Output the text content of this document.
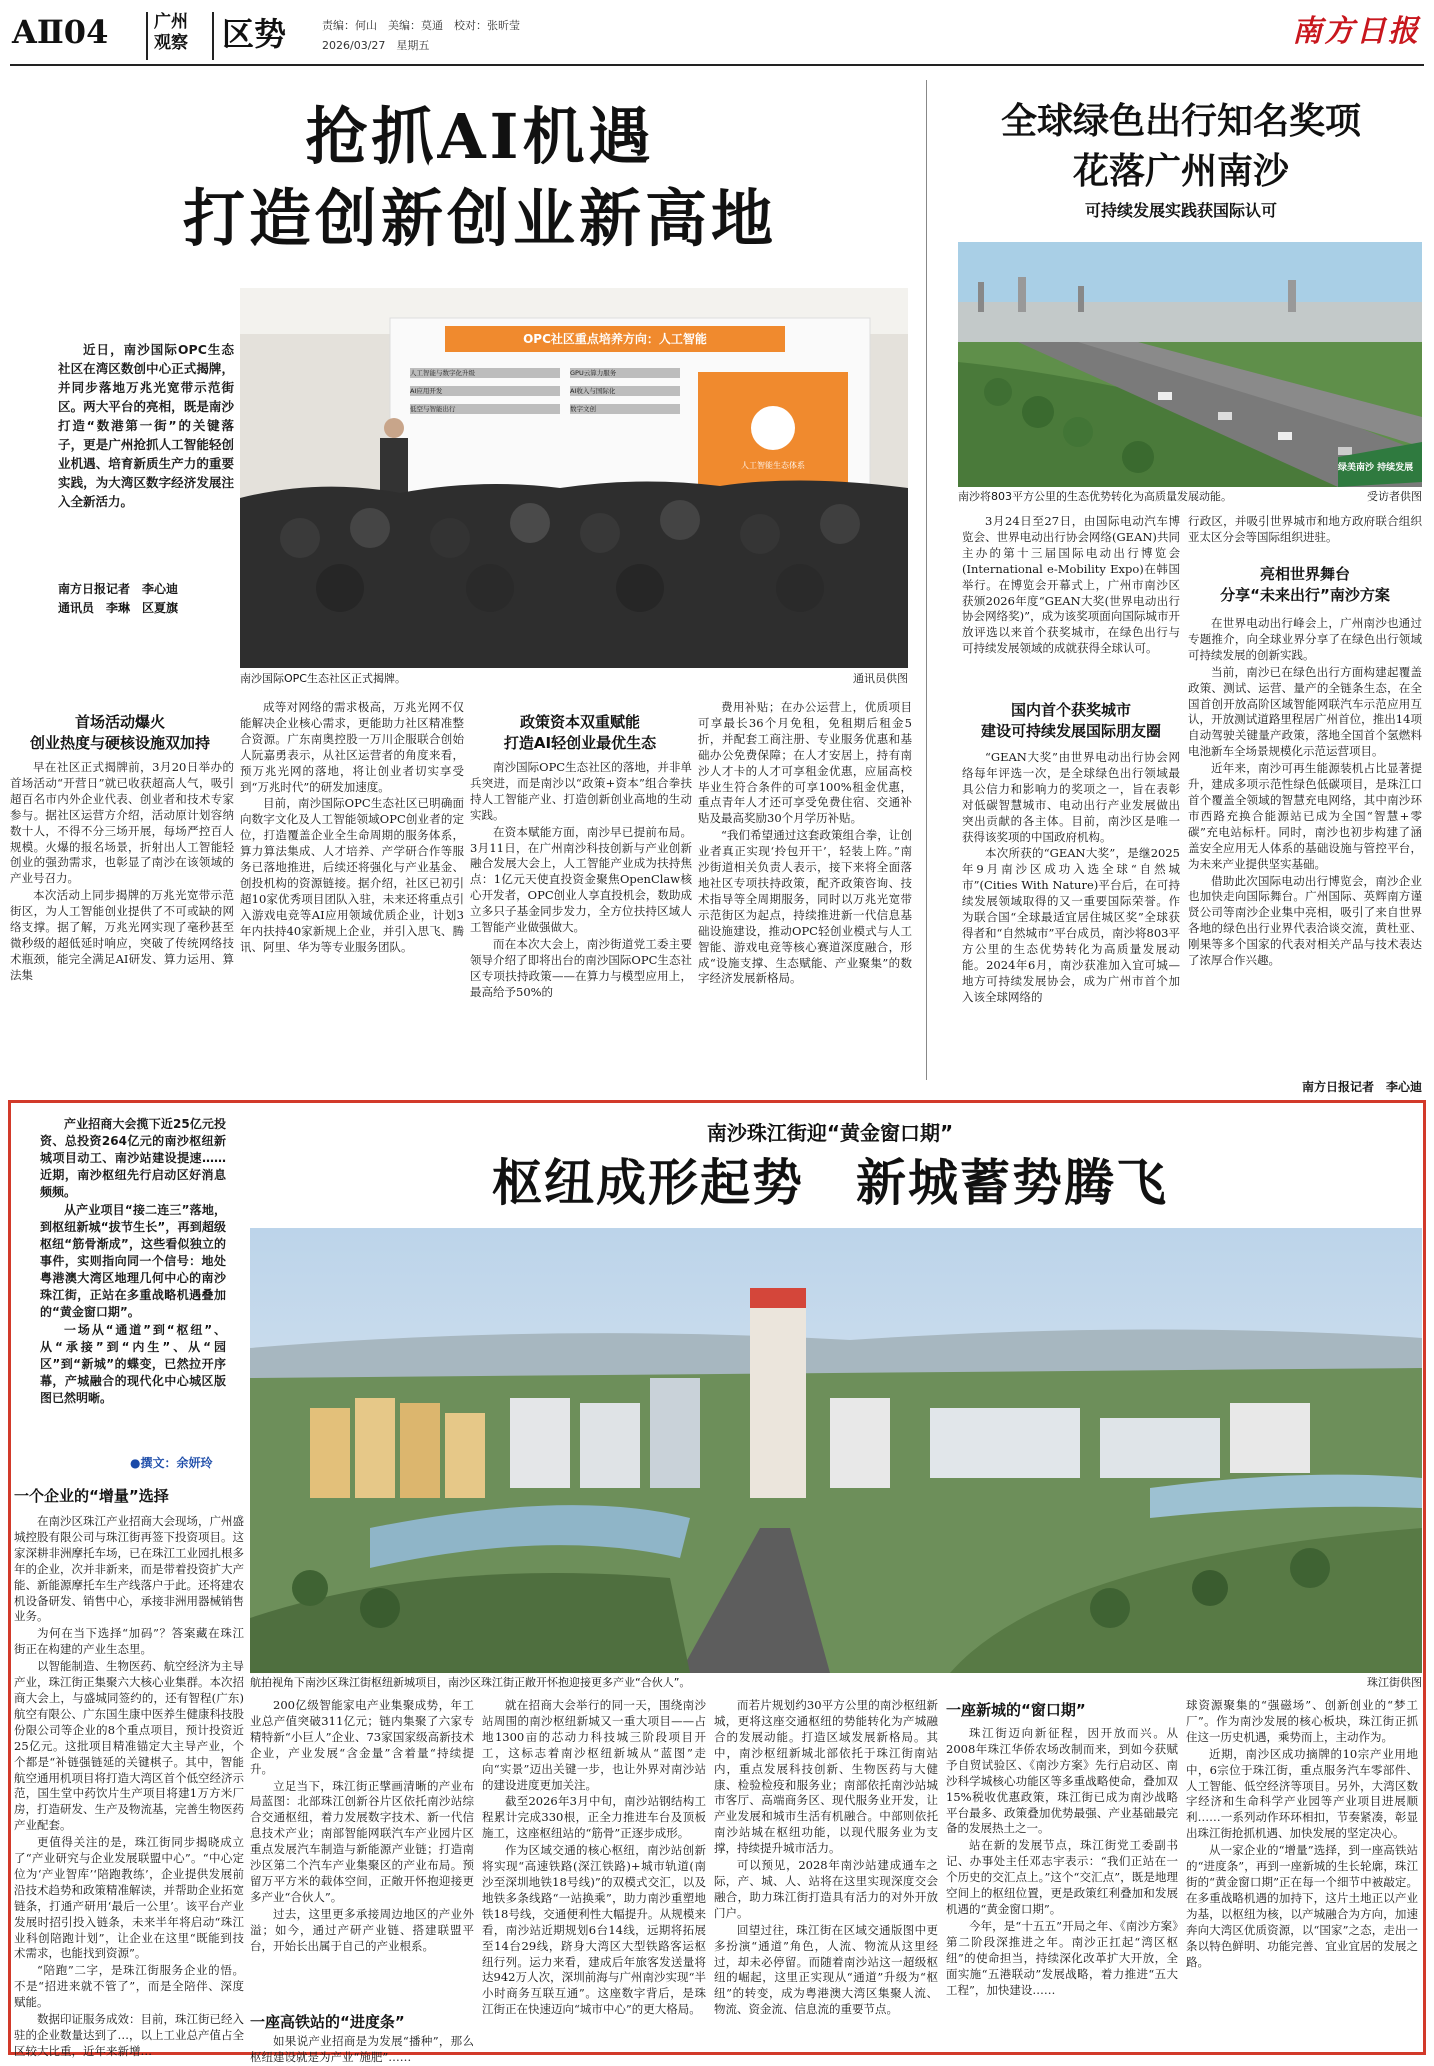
AⅡ04	广州
观察 区势	责编：何山　美编：莫通　校对：张昕莹
2026/03/27　星期五	南方日报
抢抓AI机遇
打造创新创业新高地

近日，南沙国际OPC生态社区在湾区数创中心正式揭牌，并同步落地万兆光宽带示范街区。两大平台的亮相，既是南沙打造“数港第一街”的关键落子，更是广州抢抓人工智能轻创业机遇、培育新质生产力的重要实践，为大湾区数字经济发展注入全新活力。

南方日报记者　李心迪
通讯员　李琳　区夏旗
OPC社区重点培养方向：人工智能
人工智能与数字化升级	GPU云算力服务
AI应用开发	AI收入与国际化
低空与智能出行	数字文创
人工智能生态体系
南沙国际OPC生态社区正式揭牌。	通讯员供图
首场活动爆火
创业热度与硬核设施双加持

早在社区正式揭牌前，3月20日举办的首场活动“开营日”就已收获超高人气，吸引超百名市内外企业代表、创业者和技术专家参与。据社区运营方介绍，活动原计划容纳数十人，不得不分三场开展，每场严控百人规模。火爆的报名场景，折射出人工智能轻创业的强劲需求，也彰显了南沙在该领域的产业号召力。

本次活动上同步揭牌的万兆光宽带示范街区，为人工智能创业提供了不可或缺的网络支撑。据了解，万兆光网实现了毫秒甚至微秒级的超低延时响应，突破了传统网络技术瓶颈，能完全满足AI研发、算力运用、算法集

成等对网络的需求极高，万兆光网不仅能解决企业核心需求，更能助力社区精准整合资源。广东南奥控股一万川企服联合创始人阮嘉勇表示，从社区运营者的角度来看，预万兆光网的落地，将让创业者切实享受到“万兆时代”的研发加速度。

目前，南沙国际OPC生态社区已明确面向数字文化及人工智能领域OPC创业者的定位，打造覆盖企业全生命周期的服务体系，算力算法集成、人才培养、产学研合作等服务已落地推进，后续还将强化与产业基金、创投机构的资源链接。据介绍，社区已初引超10家优秀项目团队入驻，未来还将重点引入游戏电竞等AI应用领域优质企业，计划3年内扶持40家新规上企业，并引入思飞、腾讯、阿里、华为等专业服务团队。

政策资本双重赋能
打造AI轻创业最优生态

南沙国际OPC生态社区的落地，并非单兵突进，而是南沙以“政策+资本”组合拳扶持人工智能产业、打造创新创业高地的生动实践。

在资本赋能方面，南沙早已提前布局。3月11日，在广州南沙科技创新与产业创新融合发展大会上，人工智能产业成为扶持焦点：1亿元天使直投资金聚焦OpenClaw核心开发者，OPC创业人享直投机会，数助成立多只子基金同步发力，全方位扶持区域人工智能产业做强做大。

而在本次大会上，南沙街道党工委主要领导介绍了即将出台的南沙国际OPC生态社区专项扶持政策——在算力与模型应用上，最高给予50%的

费用补贴；在办公运营上，优质项目可享最长36个月免租，免租期后租金5折，并配套工商注册、专业服务优惠和基础办公免费保障；在人才安居上，持有南沙人才卡的人才可享租金优惠，应届高校毕业生符合条件的可享100%租金优惠，重点青年人才还可享受免费住宿、交通补贴及最高奖励30个月学历补贴。

“我们希望通过这套政策组合拳，让创业者真正实现‘拎包开干’，轻装上阵。”南沙街道相关负责人表示，接下来将全面落地社区专项扶持政策，配齐政策咨询、技术指导等全周期服务，同时以万兆光宽带示范街区为起点，持续推进新一代信息基础设施建设，推动OPC轻创业模式与人工智能、游戏电竞等核心赛道深度融合，形成“设施支撑、生态赋能、产业聚集”的数字经济发展新格局。

全球绿色出行知名奖项
花落广州南沙
可持续发展实践获国际认可
绿美南沙 持续发展
南沙将803平方公里的生态优势转化为高质量发展动能。	受访者供图

3月24日至27日，由国际电动汽车博览会、世界电动出行协会网络(GEAN)共同主办的第十三届国际电动出行博览会(International e-Mobility Expo)在韩国举行。在博览会开幕式上，广州市南沙区获颁2026年度“GEAN大奖(世界电动出行协会网络奖)”，成为该奖项面向国际城市开放评选以来首个获奖城市，在绿色出行与可持续发展领域的成就获得全球认可。

国内首个获奖城市
建设可持续发展国际朋友圈

“GEAN大奖”由世界电动出行协会网络每年评选一次，是全球绿色出行领域最具公信力和影响力的奖项之一，旨在表彰对低碳智慧城市、电动出行产业发展做出突出贡献的各主体。目前，南沙区是唯一获得该奖项的中国政府机构。

本次所获的“GEAN大奖”，是继2025年9月南沙区成功入选全球“自然城市”(Cities With Nature)平台后，在可持续发展领域取得的又一重要国际荣誉。作为联合国“全球最适宜居住城区奖”全球获得者和“自然城市”平台成员，南沙将803平方公里的生态优势转化为高质量发展动能。2024年6月，南沙获准加入宜可城—地方可持续发展协会，成为广州市首个加入该全球网络的

行政区，并吸引世界城市和地方政府联合组织亚太区分会等国际组织进驻。

亮相世界舞台
分享“未来出行”南沙方案

在世界电动出行峰会上，广州南沙也通过专题推介，向全球业界分享了在绿色出行领域可持续发展的创新实践。

当前，南沙已在绿色出行方面构建起覆盖政策、测试、运营、量产的全链条生态，在全国首创开放高阶区域智能网联汽车示范应用互认，开放测试道路里程居广州首位，推出14项自动驾驶关键量产政策，落地全国首个氢燃料电池新车全场景规模化示范运营项目。

近年来，南沙可再生能源装机占比显著提升，建成多项示范性绿色低碳项目，是珠江口首个覆盖全领域的智慧充电网络，其中南沙环市西路充换合能源站已成为全国“智慧+零碳”充电站标杆。同时，南沙也初步构建了涵盖安全应用无人体系的基础设施与管控平台，为未来产业提供坚实基础。

借助此次国际电动出行博览会，南沙企业也加快走向国际舞台。广州国际、英辉南方谨贤公司等南沙企业集中亮相，吸引了来自世界各地的绿色出行业界代表洽谈交流，黄杜亚、刚果等多个国家的代表对相关产品与技术表达了浓厚合作兴趣。

南方日报记者　李心迪

产业招商大会揽下近25亿元投资、总投资264亿元的南沙枢纽新城项目动工、南沙站建设提速……近期，南沙枢纽先行启动区好消息频频。

从产业项目“接二连三”落地，到枢纽新城“拔节生长”，再到超级枢纽“筋骨渐成”，这些看似独立的事件，实则指向同一个信号：地处粤港澳大湾区地理几何中心的南沙珠江街，正站在多重战略机遇叠加的“黄金窗口期”。

一场从“通道”到“枢纽”、从“承接”到“内生”、从“园区”到“新城”的蝶变，已然拉开序幕，产城融合的现代化中心城区版图已然明晰。

●撰文：余妍玲
南沙珠江街迎“黄金窗口期”
枢纽成形起势　新城蓄势腾飞
航拍视角下南沙区珠江街枢纽新城项目，南沙区珠江街正敞开怀抱迎接更多产业“合伙人”。	珠江街供图
一个企业的“增量”选择

在南沙区珠江产业招商大会现场，广州盛城控股有限公司与珠江街再签下投资项目。这家深耕非洲摩托车场，已在珠江工业园扎根多年的企业，次并非新来，而是带着投资扩大产能、新能源摩托车生产线落户于此。还将建农机设备研发、销售中心，承接非洲用器械销售业务。

为何在当下选择“加码”？答案藏在珠江街正在构建的产业生态里。

以智能制造、生物医药、航空经济为主导产业，珠江街正集聚六大核心业集群。本次招商大会上，与盛城同签约的，还有智程(广东)航空有限公、广东国生康中医养生健康科技股份限公司等企业的8个重点项目，预计投资近25亿元。这批项目精准锚定大主导产业，个个都是“补链强链延的关键棋子。其中，智能航空通用机项目将打造大湾区首个低空经济示范，国生堂中药饮片生产项目将建1万方米厂房，打造研发、生产及物流基，完善生物医药产业配套。

更值得关注的是，珠江街同步揭晓成立了“产业研究与企业发展联盟中心”。“中心定位为‘产业智库’‘陪跑教练’，企业提供发展前沿技术趋势和政策精准解读，并帮助企业拓宽链条，打通产研用‘最后一公里’。该平台产业发展时招引投入链条，未来半年将启动“珠江业科创陪跑计划”，让企业在这里“既能到技术需求，也能找到资源”。

“陪跑”二字，是珠江街服务企业的悟。不是“招进来就不管了”，而是全陪伴、深度赋能。

数据印证服务成效：目前，珠江街已经入驻的企业数量达到了…，以上工业总产值占全区较大比重，近年来新增…

200亿级智能家电产业集聚成势，年工业总产值突破311亿元；链内集聚了六家专精特新“小巨人”企业、73家国家级高新技术企业，产业发展“含金量”含着量“持续提升。

立足当下，珠江街正擘画清晰的产业布局蓝图：北部珠江创新谷片区依托南沙站综合交通枢纽，着力发展数字技术、新一代信息技术产业；南部智能网联汽车产业园片区重点发展汽车制造与新能源产业链；打造南沙区第二个汽车产业集聚区的产业布局。预留万平方米的载体空间，正敞开怀抱迎接更多产业“合伙人”。

过去，这里更多承接周边地区的产业外溢；如今，通过产研产业链、搭建联盟平台，开始长出属于自己的产业根系。

一座高铁站的“进度条”

如果说产业招商是为发展“播种”，那么枢纽建设就是为产业“施肥”……

就在招商大会举行的同一天，围绕南沙站周围的南沙枢纽新城又一重大项目——占地1300亩的芯动力科技城三阶段项目开工，这标志着南沙枢纽新城从“蓝图”走向“实景”迈出关键一步，也让外界对南沙站的建设进度更加关注。

截至2026年3月中旬，南沙站钢结构工程累计完成330根，正全力推进车台及顶板施工，这座枢纽站的“筋骨”正逐步成形。

作为区域交通的核心枢纽，南沙站创新将实现“高速铁路(深江铁路)+城市轨道(南沙至深圳地铁18号线)”的双模式交汇，以及地铁多条线路“一站换乘”，助力南沙重塑地铁18号线，交通便利性大幅提升。从规模来看，南沙站近期规划6台14线，远期将拓展至14台29线，跻身大湾区大型铁路客运枢纽行列。运力来看，建成后年旅客发送量将达942万人次，深圳前海与广州南沙实现“半小时商务互联互通”。这座数字背后，是珠江街正在快速迈向“城市中心”的更大格局。

而若片规划约30平方公里的南沙枢纽新城，更将这座交通枢纽的势能转化为产城融合的发展动能。打造区域发展新格局。其中，南沙枢纽新城北部依托于珠江街南站内，重点发展科技创新、生物医药与大健康、检验检疫和服务业；南部依托南沙站城市客厅、高端商务区、现代服务业开发，让产业发展和城市生活有机融合。中部则依托南沙站城在枢纽功能，以现代服务业为支撑，持续提升城市活力。

可以预见，2028年南沙站建成通车之际，产、城、人、站将在这里实现深度交会融合，助力珠江街打造具有活力的对外开放门户。

回望过往，珠江街在区域交通版图中更多扮演“通道”角色，人流、物流从这里经过，却未必停留。而随着南沙站这一超级枢纽的崛起，这里正实现从“通道”升级为“枢纽”的转变，成为粤港澳大湾区集聚人流、物流、资金流、信息流的重要节点。

一座新城的“窗口期”

珠江街迈向新征程，因开放而兴。从2008年珠江华侨农场改制而来，到如今获赋予自贸试验区、《南沙方案》先行启动区、南沙科学城核心功能区等多重战略使命，叠加双15%税收优惠政策，珠江街已成为南沙战略平台最多、政策叠加优势最强、产业基础最完备的发展热土之一。

站在新的发展节点，珠江街党工委副书记、办事处主任邓志宇表示：“我们正站在一个历史的交汇点上。”这个“交汇点”，既是地理空间上的枢纽位置，更是政策红利叠加和发展机遇的“黄金窗口期”。

今年，是“十五五”开局之年、《南沙方案》第二阶段深推进之年。南沙正扛起“湾区枢纽”的使命担当，持续深化改革扩大开放，全面实施“五港联动”发展战略，着力推进“五大工程”，加快建设……

球资源聚集的“强磁场”、创新创业的“梦工厂”。作为南沙发展的核心板块，珠江街正抓住这一历史机遇，乘势而上，主动作为。

近期，南沙区成功摘牌的10宗产业用地中，6宗位于珠江街，重点服务汽车零部件、人工智能、低空经济等项目。另外，大湾区数字经济和生命科学产业园等产业项目进展顺利……一系列动作环环相扣，节奏紧凑，彰显出珠江街抢抓机遇、加快发展的坚定决心。

从一家企业的“增量”选择，到一座高铁站的“进度条”，再到一座新城的生长轮廓，珠江街的“黄金窗口期”正在每一个细节中被敲定。在多重战略机遇的加持下，这片土地正以产业为基，以枢纽为核，以产城融合为方向，加速奔向大湾区优质资源，以“国家”之态，走出一条以特色鲜明、功能完善、宜业宜居的发展之路。
